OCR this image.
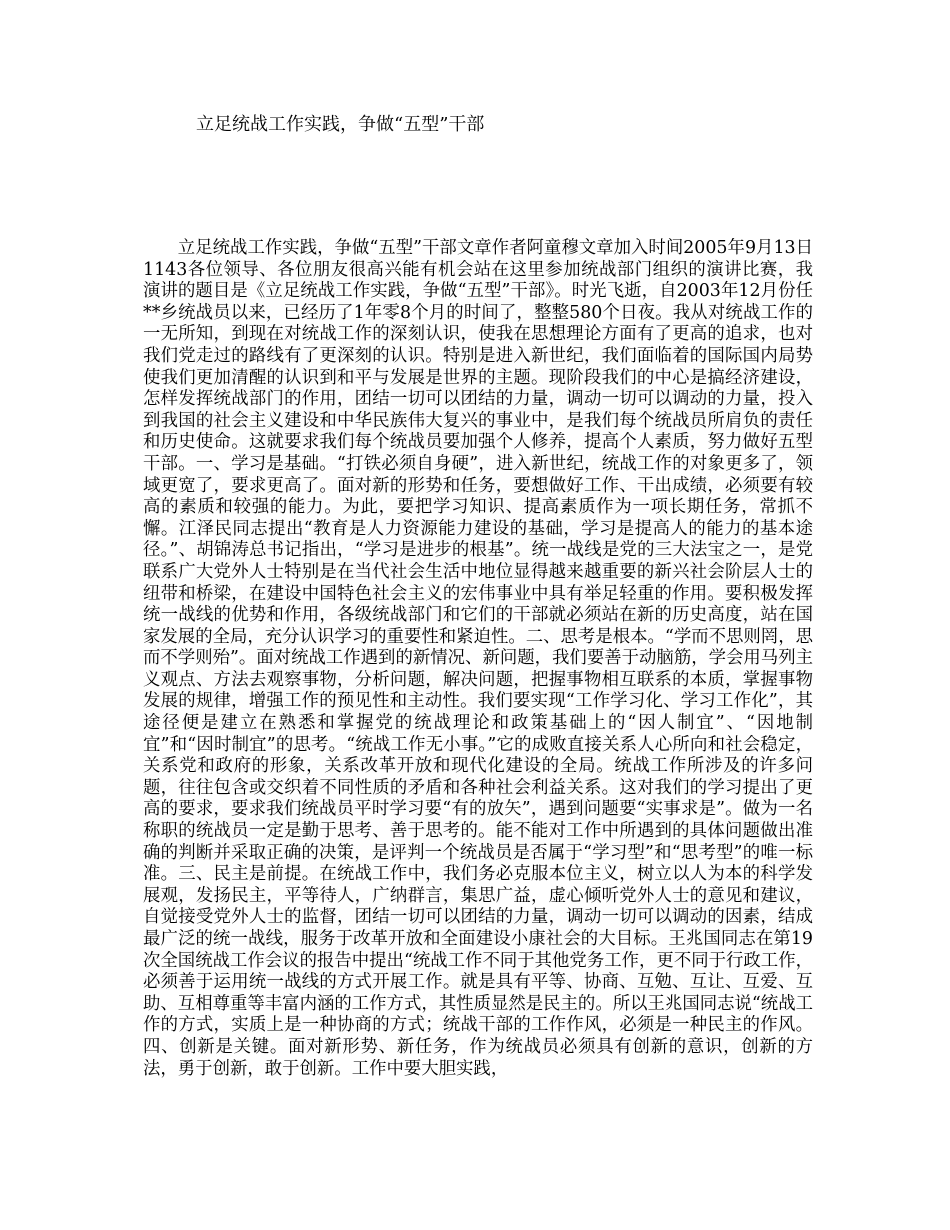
立足统战工作实践，争做“五型”干部

立足统战工作实践，争做“五型”干部文章作者阿童穆文章加入时间2005年9月13日1143各位领导、各位朋友很高兴能有机会站在这里参加统战部门组织的演讲比赛，我演讲的题目是《立足统战工作实践，争做“五型”干部》。时光飞逝，自2003年12月份任**乡统战员以来，已经历了1年零8个月的时间了，整整580个日夜。我从对统战工作的一无所知，到现在对统战工作的深刻认识，使我在思想理论方面有了更高的追求，也对我们党走过的路线有了更深刻的认识。特别是进入新世纪，我们面临着的国际国内局势使我们更加清醒的认识到和平与发展是世界的主题。现阶段我们的中心是搞经济建设，怎样发挥统战部门的作用，团结一切可以团结的力量，调动一切可以调动的力量，投入到我国的社会主义建设和中华民族伟大复兴的事业中，是我们每个统战员所肩负的责任和历史使命。这就要求我们每个统战员要加强个人修养，提高个人素质，努力做好五型干部。一、学习是基础。“打铁必须自身硬”，进入新世纪，统战工作的对象更多了，领域更宽了，要求更高了。面对新的形势和任务，要想做好工作、干出成绩，必须要有较高的素质和较强的能力。为此，要把学习知识、提高素质作为一项长期任务，常抓不懈。江泽民同志提出“教育是人力资源能力建设的基础，学习是提高人的能力的基本途径。”、胡锦涛总书记指出，“学习是进步的根基”。统一战线是党的三大法宝之一，是党联系广大党外人士特别是在当代社会生活中地位显得越来越重要的新兴社会阶层人士的纽带和桥梁，在建设中国特色社会主义的宏伟事业中具有举足轻重的作用。要积极发挥统一战线的优势和作用，各级统战部门和它们的干部就必须站在新的历史高度，站在国家发展的全局，充分认识学习的重要性和紧迫性。二、思考是根本。“学而不思则罔，思而不学则殆”。面对统战工作遇到的新情况、新问题，我们要善于动脑筋，学会用马列主义观点、方法去观察事物，分析问题，解决问题，把握事物相互联系的本质，掌握事物发展的规律，增强工作的预见性和主动性。我们要实现“工作学习化、学习工作化”，其途径便是建立在熟悉和掌握党的统战理论和政策基础上的“因人制宜”、“因地制宜”和“因时制宜”的思考。“统战工作无小事。”它的成败直接关系人心所向和社会稳定，关系党和政府的形象，关系改革开放和现代化建设的全局。统战工作所涉及的许多问题，往往包含或交织着不同性质的矛盾和各种社会利益关系。这对我们的学习提出了更高的要求，要求我们统战员平时学习要“有的放矢”，遇到问题要“实事求是”。做为一名称职的统战员一定是勤于思考、善于思考的。能不能对工作中所遇到的具体问题做出准确的判断并采取正确的决策，是评判一个统战员是否属于“学习型”和“思考型”的唯一标准。三、民主是前提。在统战工作中，我们务必克服本位主义，树立以人为本的科学发展观，发扬民主，平等待人，广纳群言，集思广益，虚心倾听党外人士的意见和建议，自觉接受党外人士的监督，团结一切可以团结的力量，调动一切可以调动的因素，结成最广泛的统一战线，服务于改革开放和全面建设小康社会的大目标。王兆国同志在第19次全国统战工作会议的报告中提出“统战工作不同于其他党务工作，更不同于行政工作，必须善于运用统一战线的方式开展工作。就是具有平等、协商、互勉、互让、互爱、互助、互相尊重等丰富内涵的工作方式，其性质显然是民主的。所以王兆国同志说“统战工作的方式，实质上是一种协商的方式；统战干部的工作作风，必须是一种民主的作风。四、创新是关键。面对新形势、新任务，作为统战员必须具有创新的意识，创新的方法，勇于创新，敢于创新。工作中要大胆实践，
